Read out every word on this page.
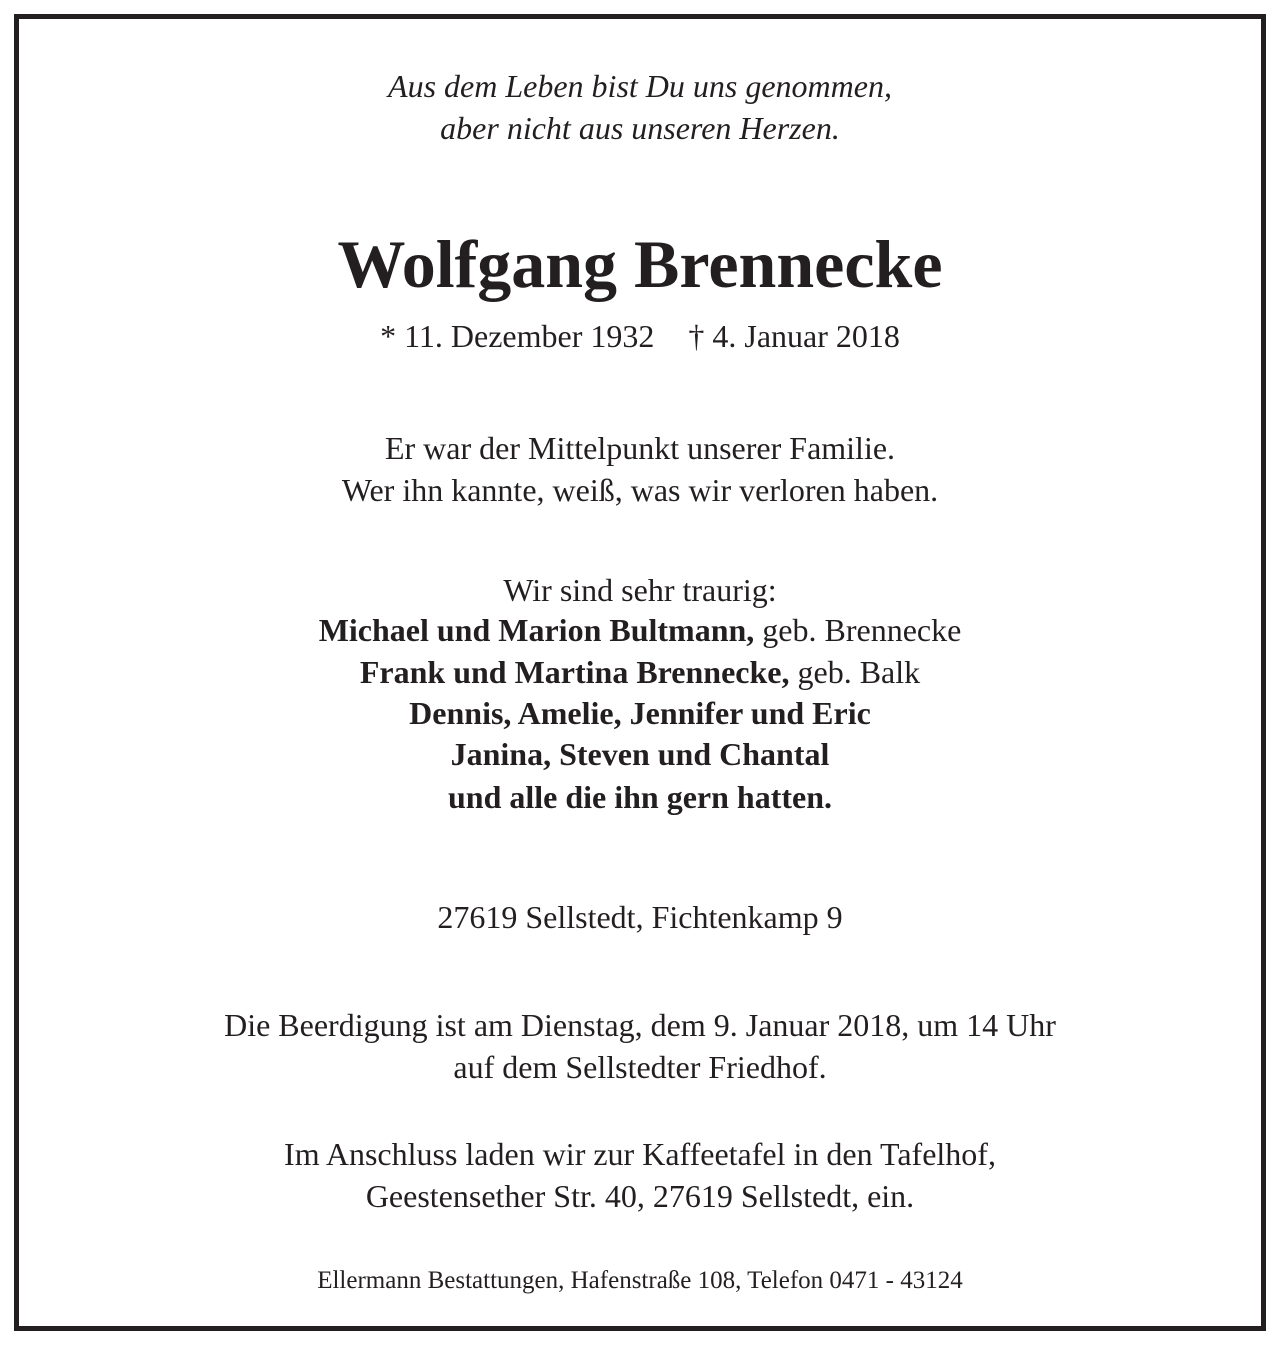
Aus dem Leben bist Du uns genommen,
aber nicht aus unseren Herzen.
Wolfgang Brennecke
* 11. Dezember 1932 † 4. Januar 2018
Er war der Mittelpunkt unserer Familie.
Wer ihn kannte, weiß, was wir verloren haben.
Wir sind sehr traurig:
Michael und Marion Bultmann, geb. Brennecke
Frank und Martina Brennecke, geb. Balk
Dennis, Amelie, Jennifer und Eric
Janina, Steven und Chantal
und alle die ihn gern hatten.
27619 Sellstedt, Fichtenkamp 9
Die Beerdigung ist am Dienstag, dem 9. Januar 2018, um 14 Uhr
auf dem Sellstedter Friedhof.
Im Anschluss laden wir zur Kaffeetafel in den Tafelhof,
Geestensether Str. 40, 27619 Sellstedt, ein.
Ellermann Bestattungen, Hafenstraße 108, Telefon 0471 - 43124
